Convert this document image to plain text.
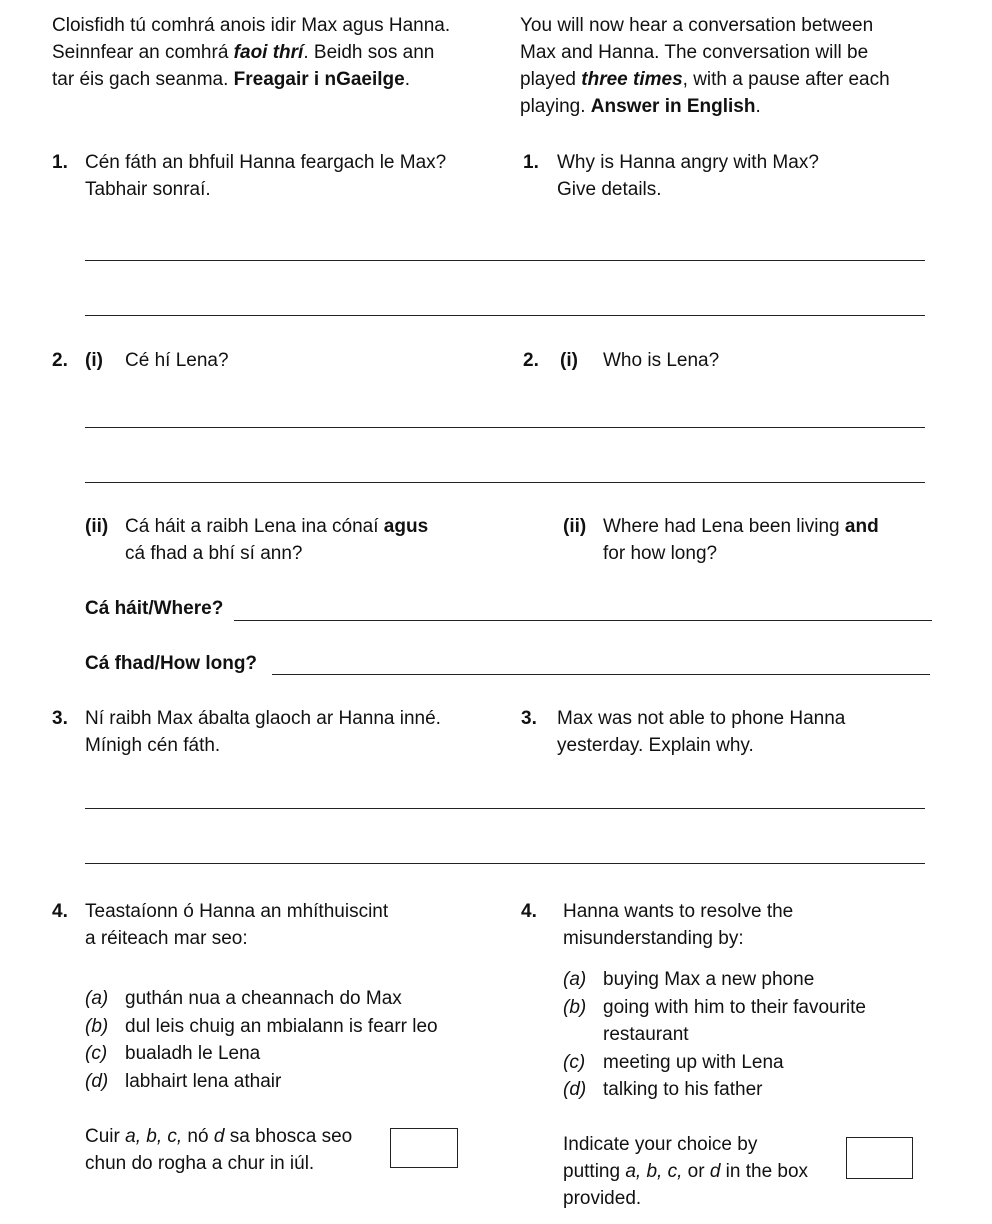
Cloisfidh tú comhrá anois idir Max agus Hanna.
Seinnfear an comhrá faoi thrí. Beidh sos ann
tar éis gach seanma. Freagair i nGaeilge.
You will now hear a conversation between
Max and Hanna. The conversation will be
played three times, with a pause after each
playing. Answer in English.
1. Cén fáth an bhfuil Hanna feargach le Max?
Tabhair sonraí.
1. Why is Hanna angry with Max?
Give details.
2. (i) Cé hí Lena?	2. (i) Who is Lena?
(ii) Cá háit a raibh Lena ina cónaí agus
cá fhad a bhí sí ann?
(ii) Where had Lena been living and
for how long?
Cá háit/Where?
Cá fhad/How long?
3. Ní raibh Max ábalta glaoch ar Hanna inné.
Mínigh cén fáth.
3. Max was not able to phone Hanna
yesterday. Explain why.
4. Teastaíonn ó Hanna an mhíthuiscint
a réiteach mar seo:
4. Hanna wants to resolve the
misunderstanding by:
(a) guthán nua a cheannach do Max
(b) dul leis chuig an mbialann is fearr leo
(c) bualadh le Lena
(d) labhairt lena athair
(a) buying Max a new phone
(b) going with him to their favourite
restaurant
(c) meeting up with Lena
(d) talking to his father
Cuir a, b, c, nó d sa bhosca seo
chun do rogha a chur in iúl.
Indicate your choice by
putting a, b, c, or d in the box
provided.
